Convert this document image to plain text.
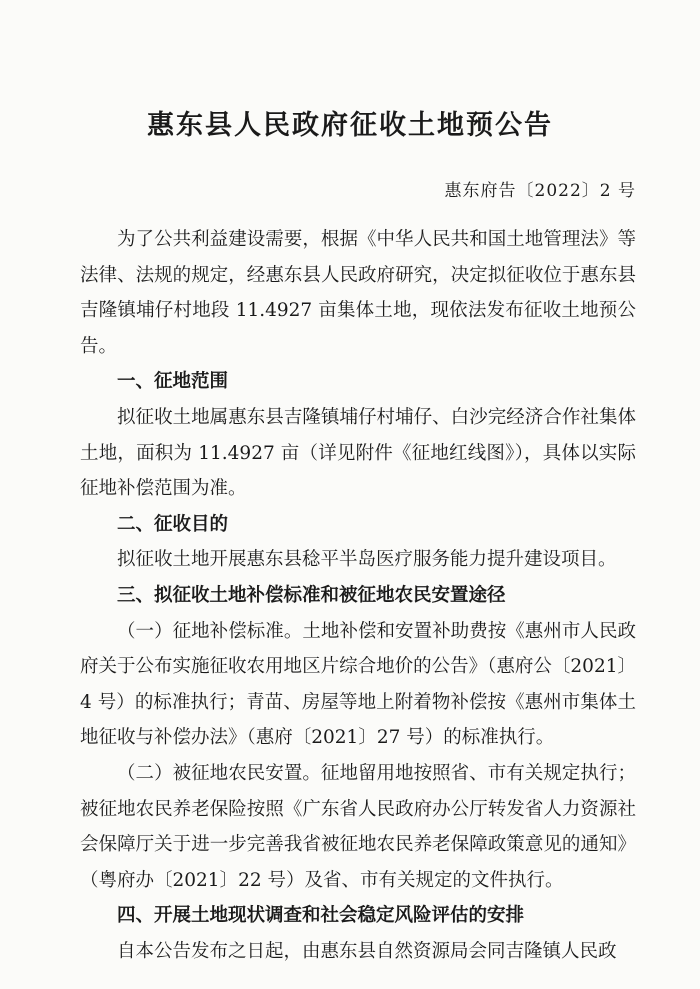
惠东县人民政府征收土地预公告
惠东府告〔2022〕2 号

为了公共利益建设需要，根据《中华人民共和国土地管理法》等法律、法规的规定，经惠东县人民政府研究，决定拟征收位于惠东县吉隆镇埔仔村地段 11.4927 亩集体土地，现依法发布征收土地预公告。

一、征地范围

拟征收土地属惠东县吉隆镇埔仔村埔仔、白沙完经济合作社集体土地，面积为 11.4927 亩（详见附件《征地红线图》），具体以实际征地补偿范围为准。

二、征收目的

拟征收土地开展惠东县稔平半岛医疗服务能力提升建设项目。

三、拟征收土地补偿标准和被征地农民安置途径

（一）征地补偿标准。土地补偿和安置补助费按《惠州市人民政府关于公布实施征收农用地区片综合地价的公告》（惠府公〔2021〕4 号）的标准执行；青苗、房屋等地上附着物补偿按《惠州市集体土地征收与补偿办法》（惠府〔2021〕27 号）的标准执行。

（二）被征地农民安置。征地留用地按照省、市有关规定执行；被征地农民养老保险按照《广东省人民政府办公厅转发省人力资源社会保障厅关于进一步完善我省被征地农民养老保障政策意见的通知》（粤府办〔2021〕22 号）及省、市有关规定的文件执行。

四、开展土地现状调查和社会稳定风险评估的安排

自本公告发布之日起，由惠东县自然资源局会同吉隆镇人民政
